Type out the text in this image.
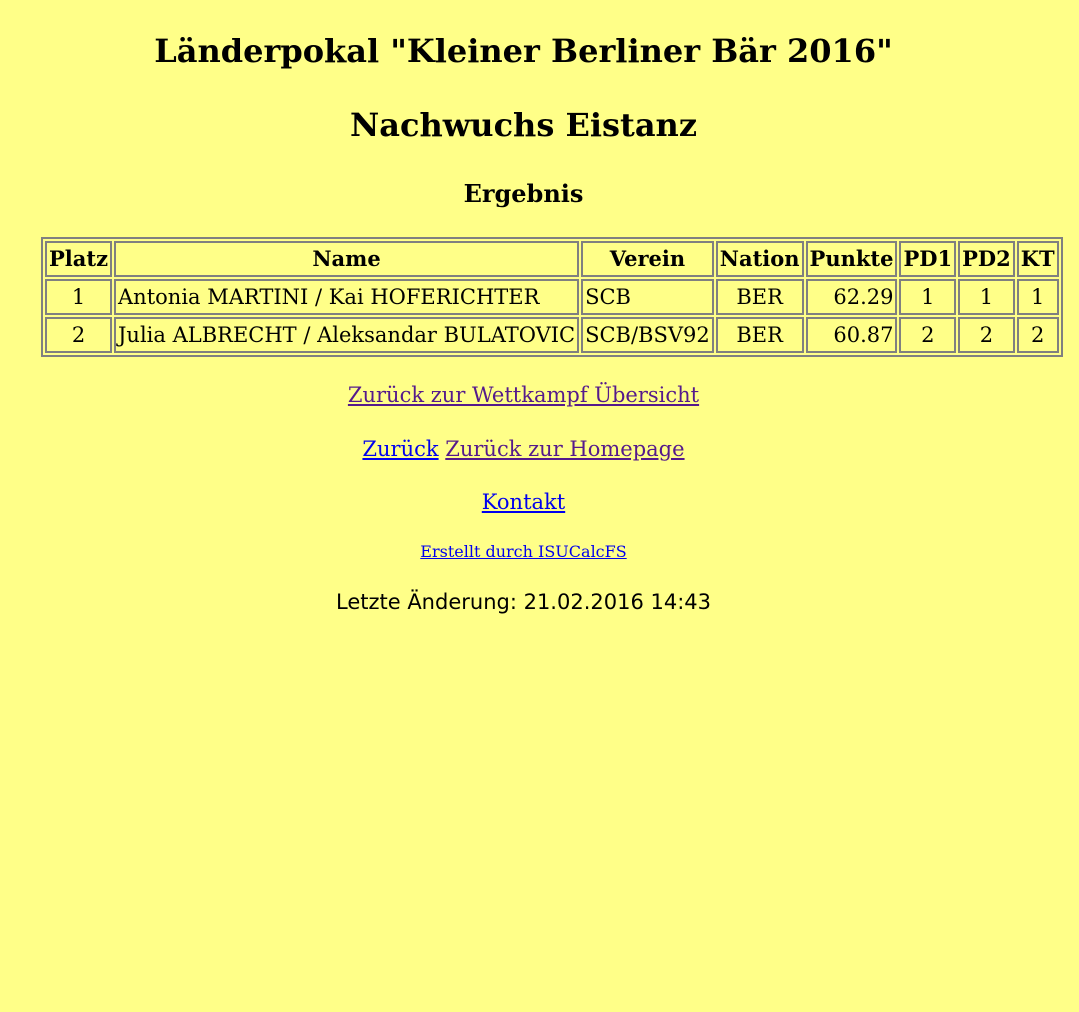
Länderpokal "Kleiner Berliner Bär 2016"
Nachwuchs Eistanz
Ergebnis
Platz	Name	Verein	Nation	Punkte	PD1	PD2	KT
1	Antonia MARTINI / Kai HOFERICHTER	SCB	BER	62.29	1	1	1
2	Julia ALBRECHT / Aleksandar BULATOVIC	SCB/BSV92	BER	60.87	2	2	2

Zurück zur Wettkampf Übersicht

Zurück Zurück zur Homepage

Kontakt

Erstellt durch ISUCalcFS

Letzte Änderung: 21.02.2016 14:43
